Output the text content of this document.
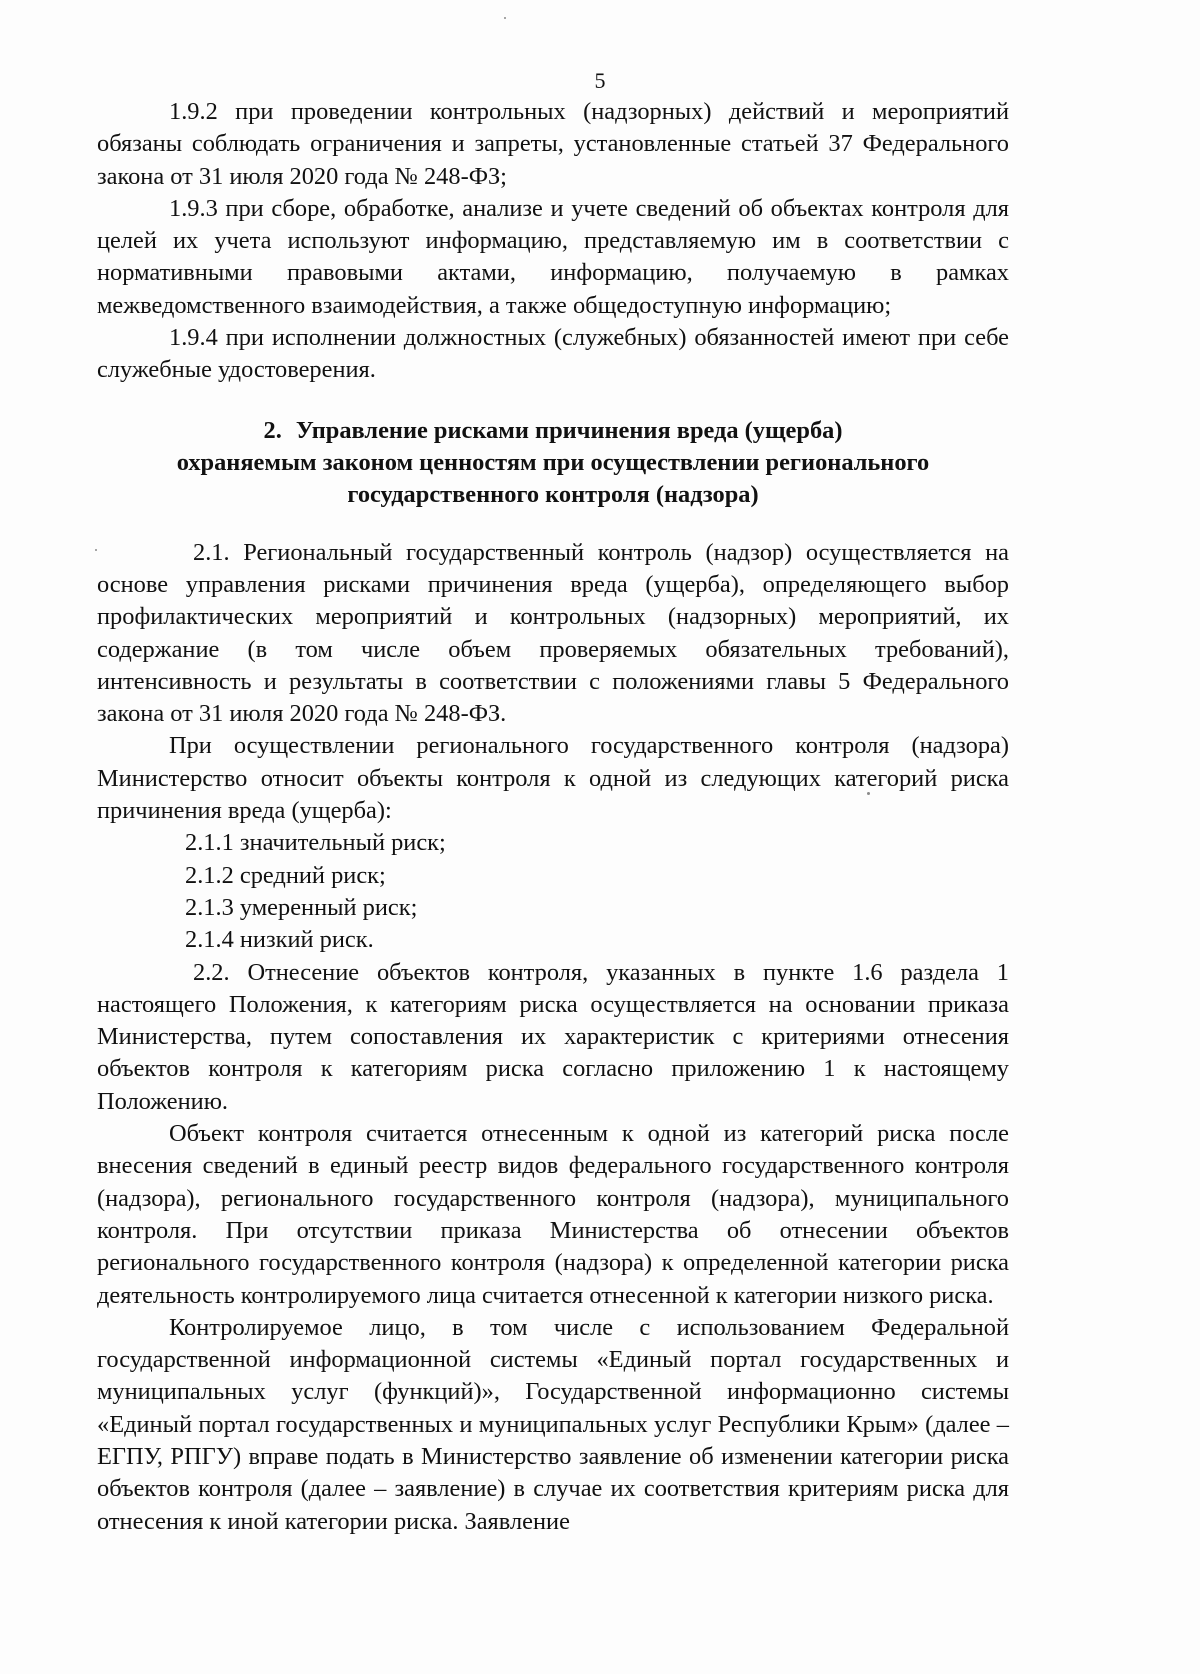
5

1.9.2 при проведении контрольных (надзорных) действий и мероприятий обязаны соблюдать ограничения и запреты, установленные статьей 37 Федерального закона от 31 июля 2020 года № 248-ФЗ;

1.9.3 при сборе, обработке, анализе и учете сведений об объектах контроля для целей их учета используют информацию, представляемую им в соответствии с нормативными правовыми актами, информацию, получаемую в рамках межведомственного взаимодействия, а также общедоступную информацию;

1.9.4 при исполнении должностных (служебных) обязанностей имеют при себе служебные удостоверения.

2. Управление рисками причинения вреда (ущерба)
охраняемым законом ценностям при осуществлении регионального
государственного контроля (надзора)

2.1. Региональный государственный контроль (надзор) осуществляется на основе управления рисками причинения вреда (ущерба), определяющего выбор профилактических мероприятий и контрольных (надзорных) мероприятий, их содержание (в том числе объем проверяемых обязательных требований), интенсивность и результаты в соответствии с положениями главы 5 Федерального закона от 31 июля 2020 года № 248-ФЗ.

При осуществлении регионального государственного контроля (надзора) Министерство относит объекты контроля к одной из следующих категорий риска причинения вреда (ущерба):

2.1.1 значительный риск;

2.1.2 средний риск;

2.1.3 умеренный риск;

2.1.4 низкий риск.

2.2. Отнесение объектов контроля, указанных в пункте 1.6 раздела 1 настоящего Положения, к категориям риска осуществляется на основании приказа Министерства, путем сопоставления их характеристик с критериями отнесения объектов контроля к категориям риска согласно приложению 1 к настоящему Положению.

Объект контроля считается отнесенным к одной из категорий риска после внесения сведений в единый реестр видов федерального государственного контроля (надзора), регионального государственного контроля (надзора), муниципального контроля. При отсутствии приказа Министерства об отнесении объектов регионального государственного контроля (надзора) к определенной категории риска деятельность контролируемого лица считается отнесенной к категории низкого риска.

Контролируемое лицо, в том числе с использованием Федеральной государственной информационной системы «Единый портал государственных и муниципальных услуг (функций)», Государственной информационно системы «Единый портал государственных и муниципальных услуг Республики Крым» (далее – ЕГПУ, РПГУ) вправе подать в Министерство заявление об изменении категории риска объектов контроля (далее – заявление) в случае их соответствия критериям риска для отнесения к иной категории риска. Заявление
